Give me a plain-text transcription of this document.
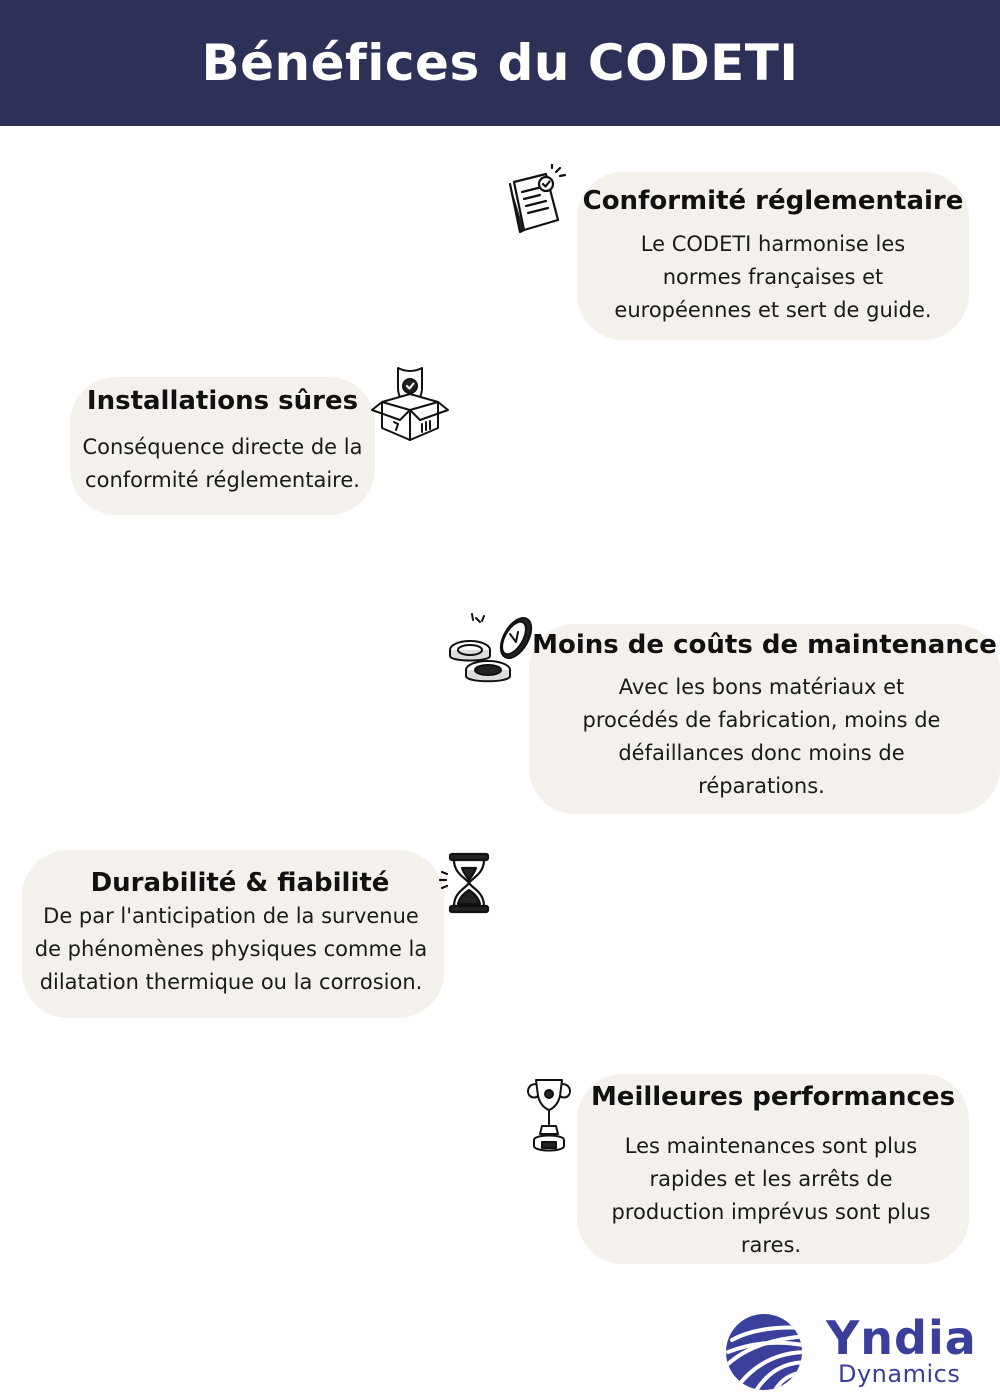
Bénéfices du CODETI
Conformité réglementaire
Le CODETI harmonise les
normes françaises et
européennes et sert de guide.
Installations sûres
Conséquence directe de la
conformité réglementaire.
Moins de coûts de maintenance
Avec les bons matériaux et
procédés de fabrication, moins de
défaillances donc moins de
réparations.
Durabilité & fiabilité
De par l'anticipation de la survenue
de phénomènes physiques comme la
dilatation thermique ou la corrosion.
Meilleures performances
Les maintenances sont plus
rapides et les arrêts de
production imprévus sont plus
rares.
Yndia
Dynamics
